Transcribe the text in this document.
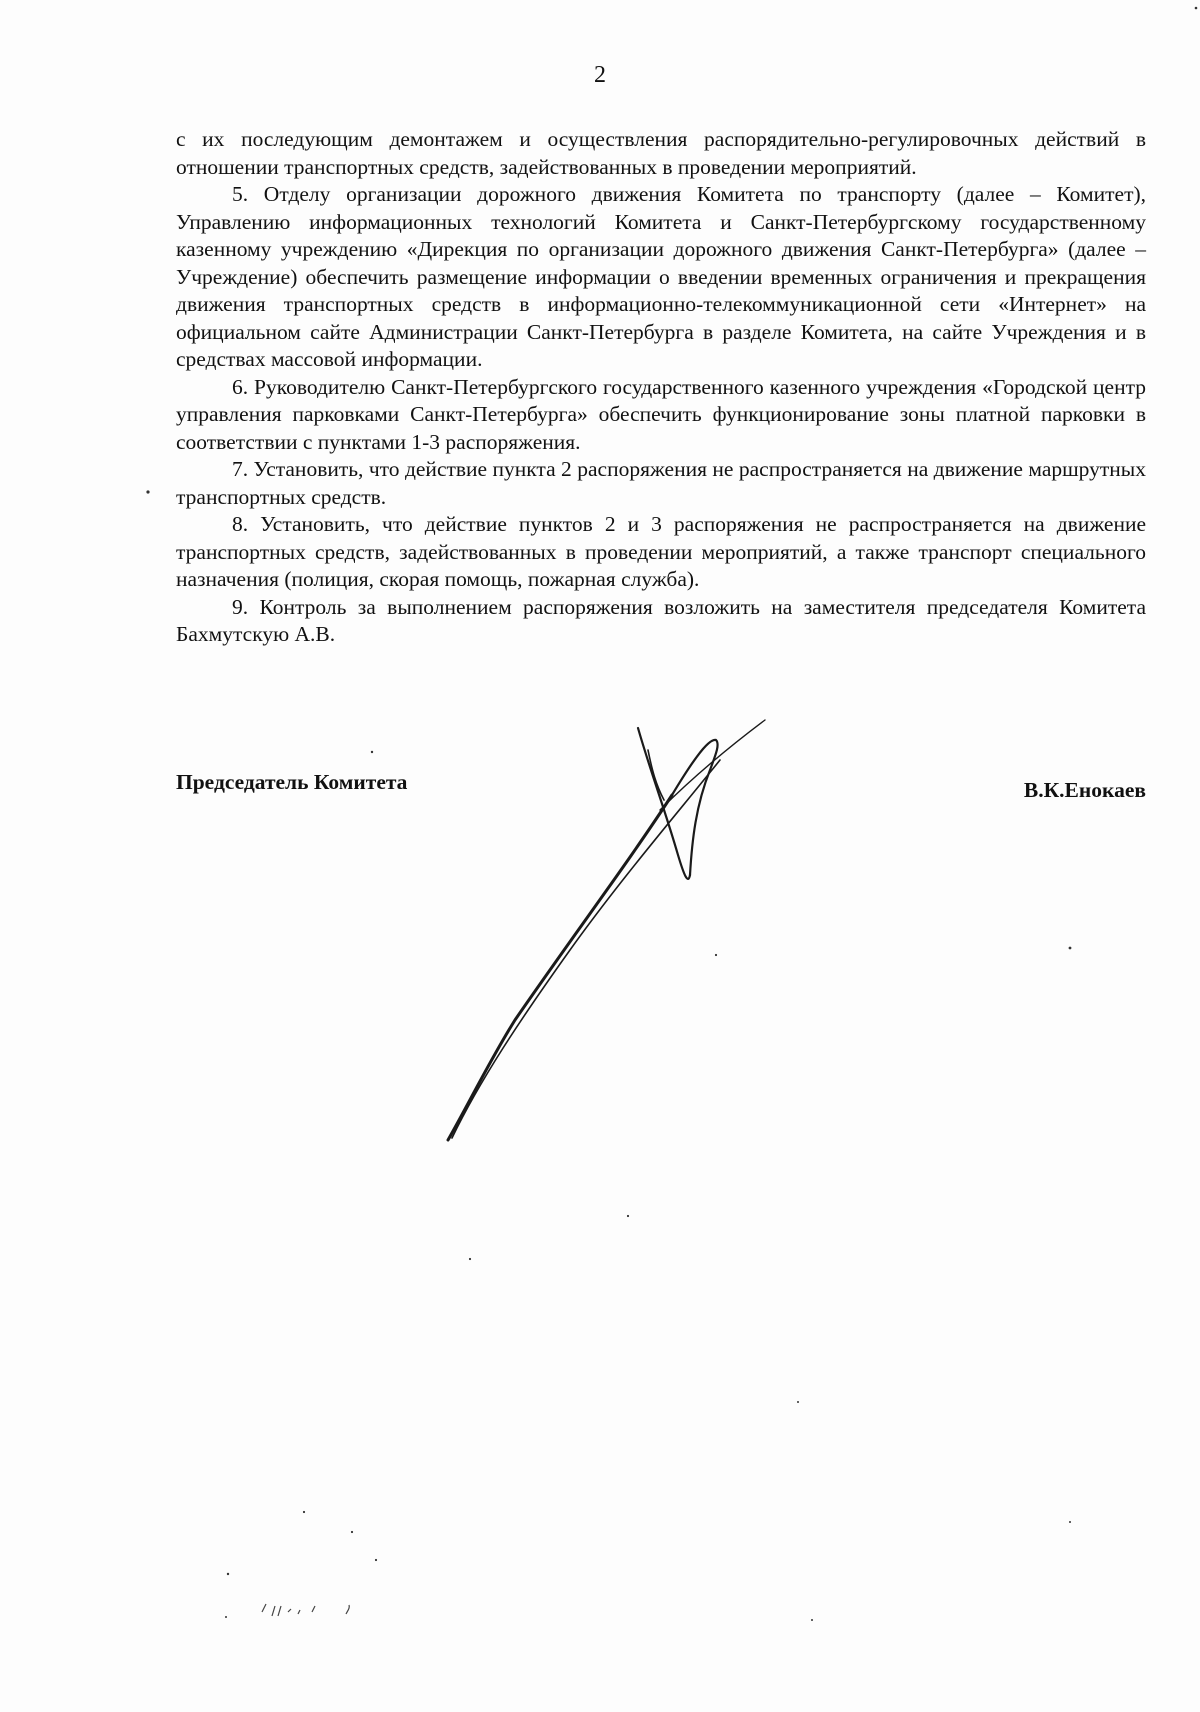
2

с их последующим демонтажем и осуществления распорядительно-регулировочных действий в отношении транспортных средств, задействованных в проведении мероприятий.

5. Отделу организации дорожного движения Комитета по транспорту (далее – Комитет), Управлению информационных технологий Комитета и Санкт-Петербургскому государственному казенному учреждению «Дирекция по организации дорожного движения Санкт-Петербурга» (далее – Учреждение) обеспечить размещение информации о введении временных ограничения и прекращения движения транспортных средств в информационно-телекоммуникационной сети «Интернет» на официальном сайте Администрации Санкт-Петербурга в разделе Комитета, на сайте Учреждения и в средствах массовой информации.

6. Руководителю Санкт-Петербургского государственного казенного учреждения «Городской центр управления парковками Санкт-Петербурга» обеспечить функционирование зоны платной парковки в соответствии с пунктами 1-3 распоряжения.

7. Установить, что действие пункта 2 распоряжения не распространяется на движение маршрутных транспортных средств.

8. Установить, что действие пунктов 2 и 3 распоряжения не распространяется на движение транспортных средств, задействованных в проведении мероприятий, а также транспорт специального назначения (полиция, скорая помощь, пожарная служба).

9. Контроль за выполнением распоряжения возложить на заместителя председателя Комитета Бахмутскую А.В.

Председатель Комитета	В.К.Енокаев
